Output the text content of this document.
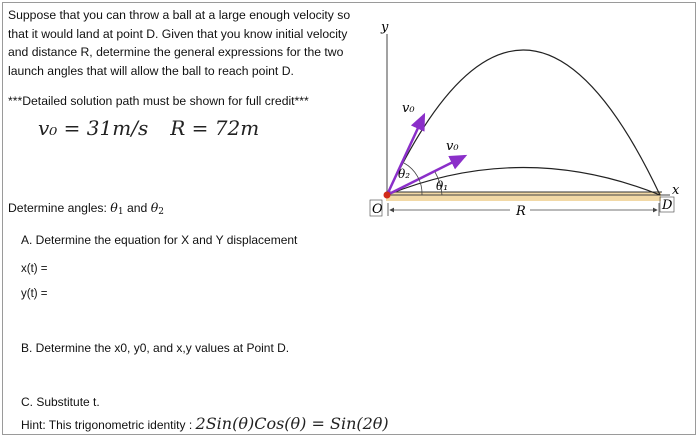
Suppose that you can throw a ball at a large enough velocity so that it would land at point D. Given that you know initial velocity and distance R, determine the general expressions for the two launch angles that will allow the ball to reach point D.
***Detailed solution path must be shown for full credit***
v₀ = 31m/s R = 72m
Determine angles: $\theta_1$ and $\theta_2$
A. Determine the equation for X and Y displacement
x(t) =
y(t) =
B. Determine the x0, y0, and x,y values at Point D.
C. Substitute t.
Hint: This trigonometric identity : 2Sin(θ)Cos(θ) = Sin(2θ)
y
x
O	D
R
v₀
v₀
θ₂
θ₁
